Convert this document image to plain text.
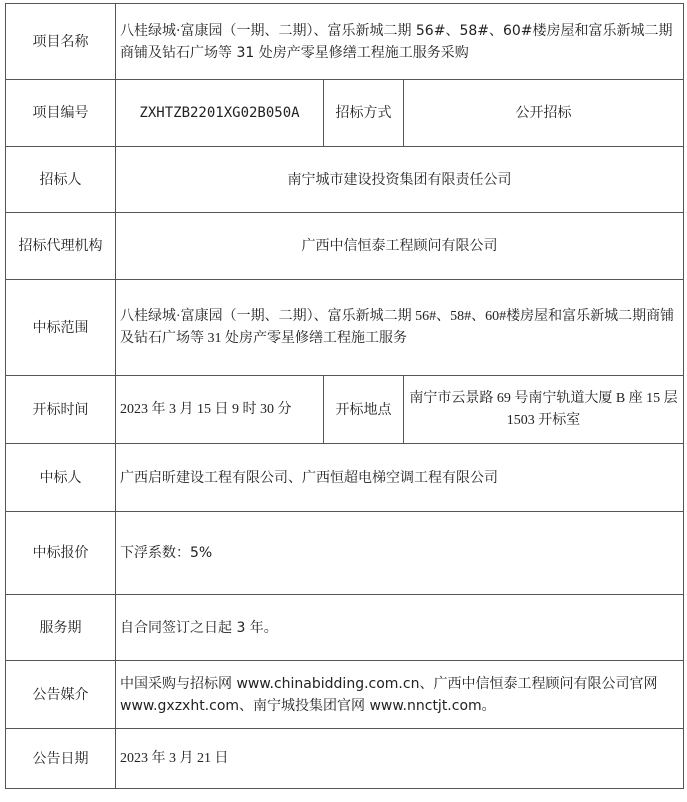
项目名称	八桂绿城·富康园（一期、二期）、富乐新城二期 56#、58#、60#楼房屋和富乐新城二期商铺及钻石广场等 31 处房产零星修缮工程施工服务采购		
项目编号	ZXHTZB2201XG02B050A	招标方式	公开招标
招标人	南宁城市建设投资集团有限责任公司		
招标代理机构	广西中信恒泰工程顾问有限公司		
中标范围	八桂绿城·富康园（一期、二期）、富乐新城二期 56#、58#、60#楼房屋和富乐新城二期商铺及钻石广场等 31 处房产零星修缮工程施工服务		
开标时间	2023 年 3 月 15 日 9 时 30 分	开标地点	南宁市云景路 69 号南宁轨道大厦 B 座 15 层 1503 开标室
中标人	广西启昕建设工程有限公司、广西恒超电梯空调工程有限公司		
中标报价	下浮系数：5%		
服务期	自合同签订之日起 3 年。		
公告媒介	中国采购与招标网 www.chinabidding.com.cn、广西中信恒泰工程顾问有限公司官网 www.gxzxht.com、南宁城投集团官网 www.nnctjt.com。		
公告日期	2023 年 3 月 21 日		
